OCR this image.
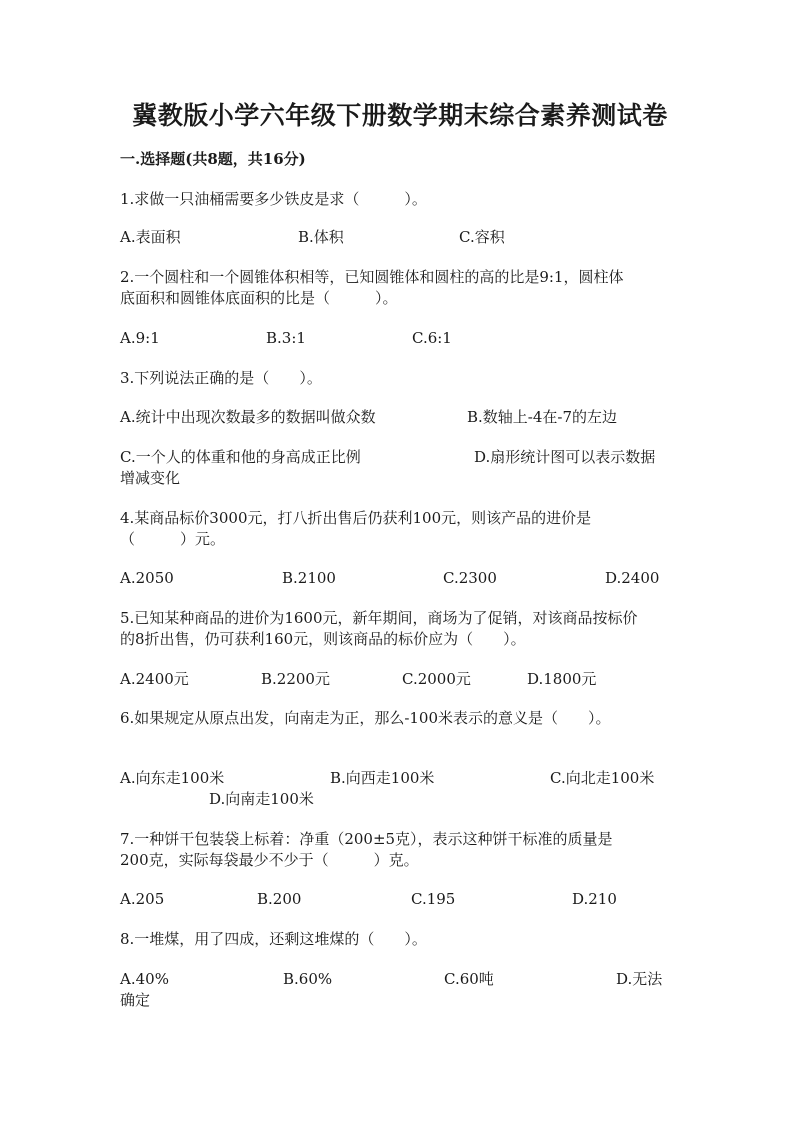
冀教版小学六年级下册数学期末综合素养测试卷
一.选择题(共8题，共16分)
1.求做一只油桶需要多少铁皮是求（　　　）。
A.表面积	B.体积	C.容积
2.一个圆柱和一个圆锥体积相等，已知圆锥体和圆柱的高的比是9:1，圆柱体
底面积和圆锥体底面积的比是（　　　）。
A.9:1	B.3:1	C.6:1
3.下列说法正确的是（　　）。
A.统计中出现次数最多的数据叫做众数	B.数轴上-4在-7的左边
C.一个人的体重和他的身高成正比例	D.扇形统计图可以表示数据
增减变化
4.某商品标价3000元，打八折出售后仍获利100元，则该产品的进价是
（　　　）元。
A.2050	B.2100	C.2300	D.2400
5.已知某种商品的进价为1600元，新年期间，商场为了促销，对该商品按标价
的8折出售，仍可获利160元，则该商品的标价应为（　　）。
A.2400元	B.2200元	C.2000元	D.1800元
6.如果规定从原点出发，向南走为正，那么-100米表示的意义是（　　）。
A.向东走100米	B.向西走100米	C.向北走100米
D.向南走100米
7.一种饼干包装袋上标着：净重（200±5克），表示这种饼干标准的质量是
200克，实际每袋最少不少于（　　　）克。
A.205	B.200	C.195	D.210
8.一堆煤，用了四成，还剩这堆煤的（　　）。
A.40%	B.60%	C.60吨	D.无法
确定
